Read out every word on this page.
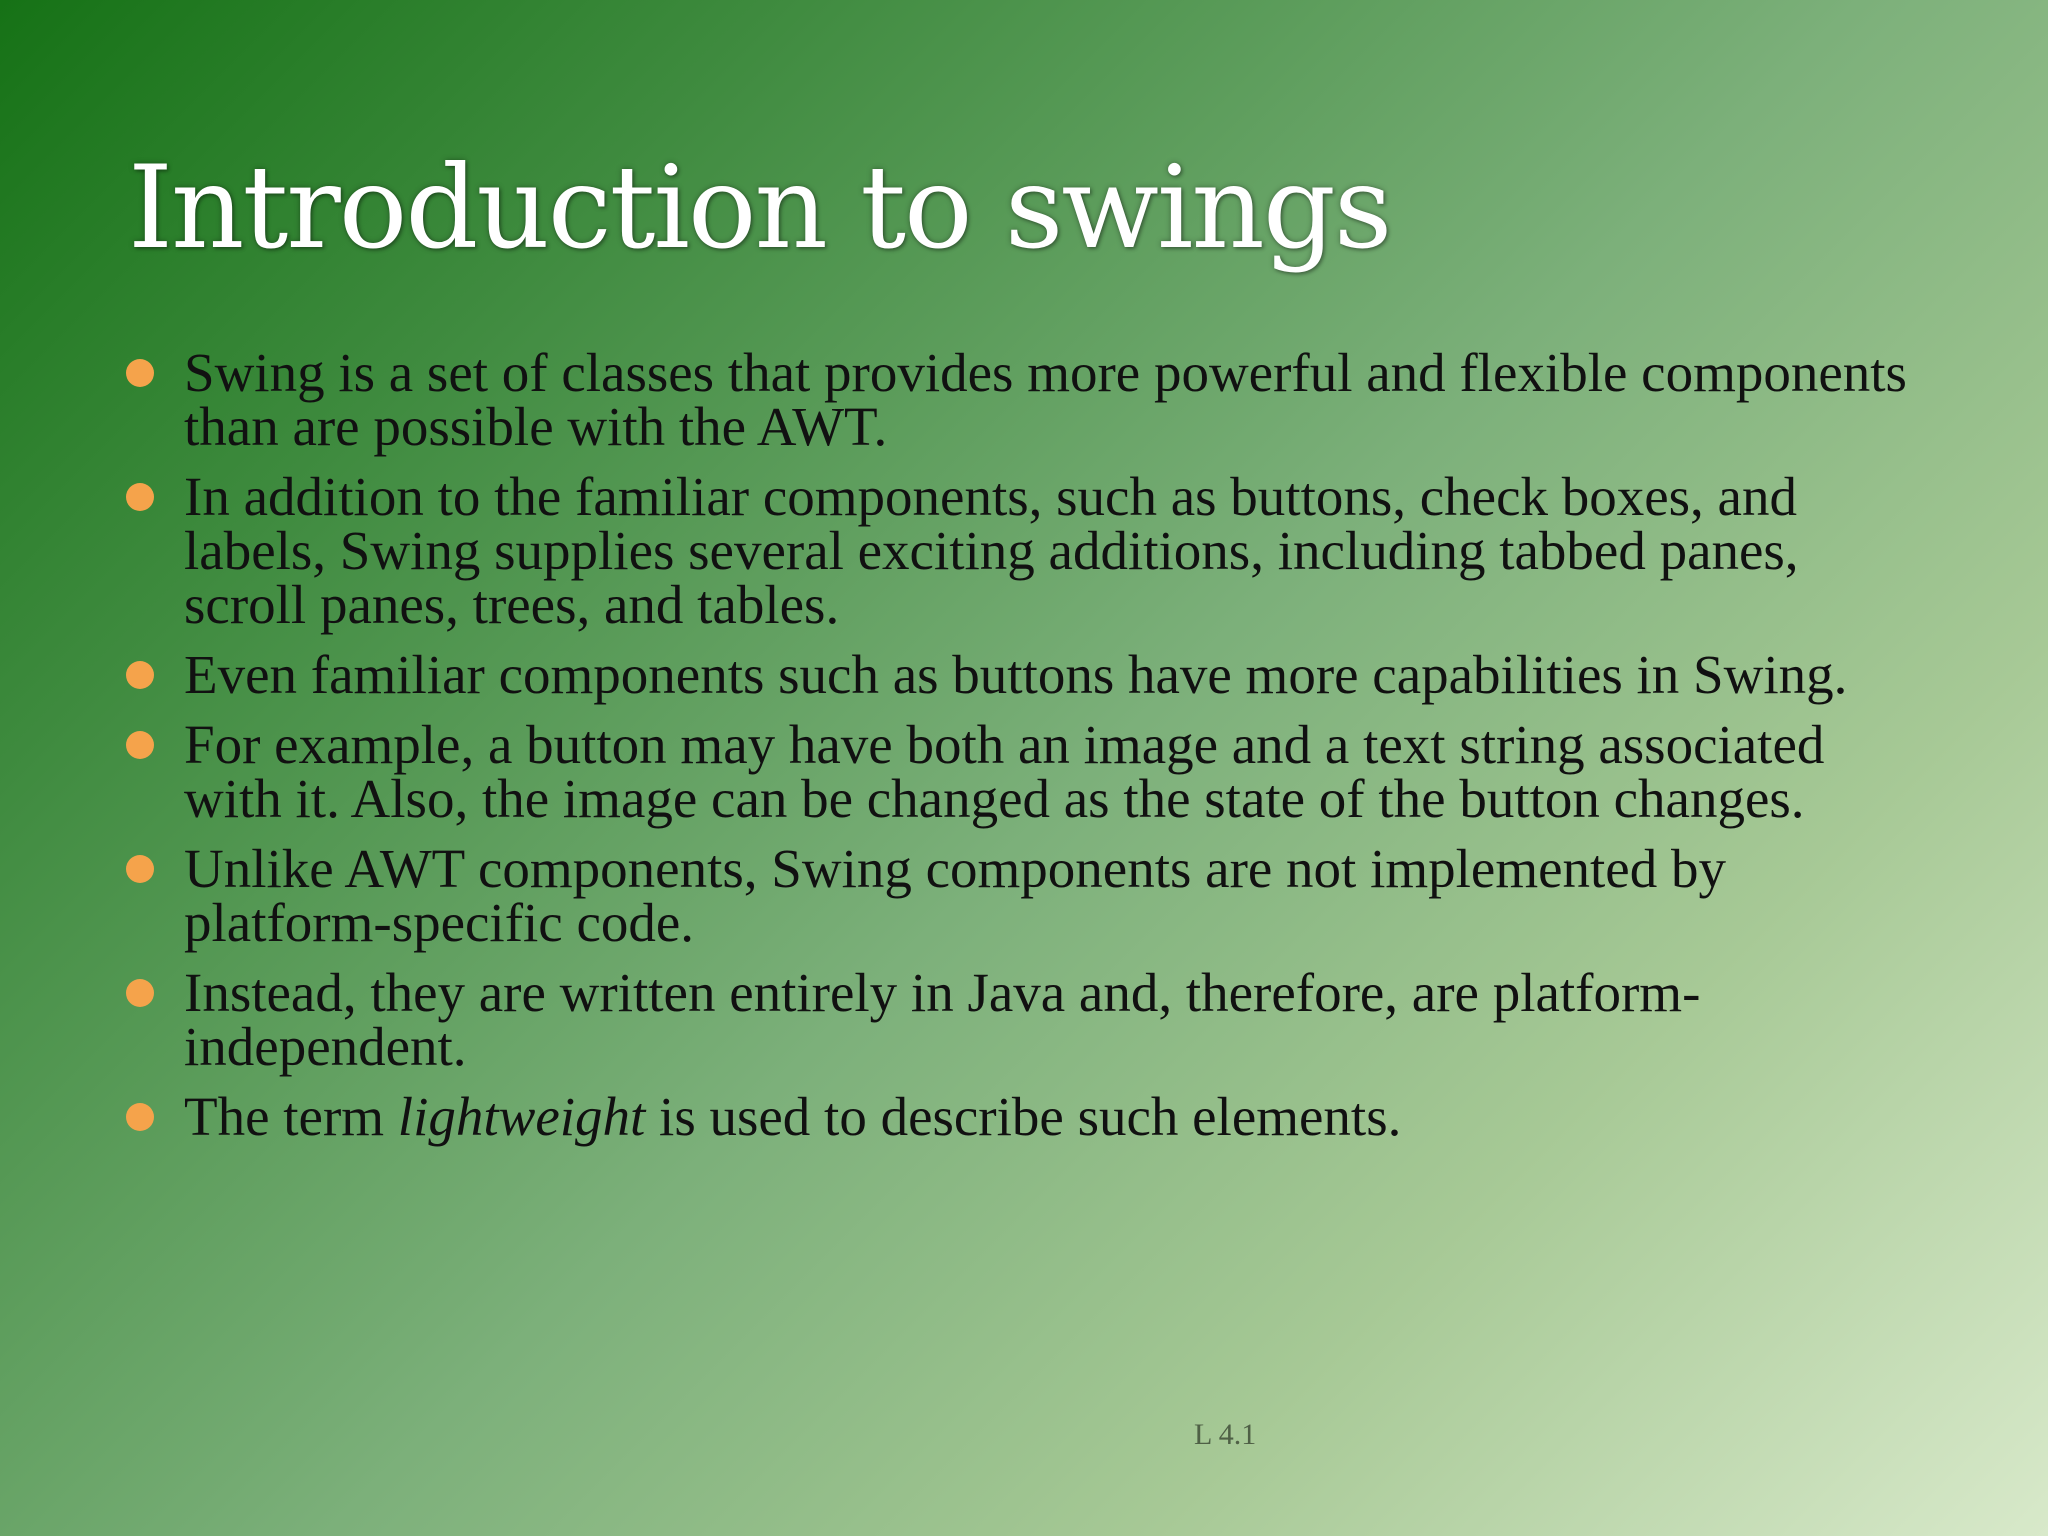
Introduction to swings
Swing is a set of classes that provides more powerful and flexible components than are possible with the AWT.
In addition to the familiar components, such as buttons, check boxes, and labels, Swing supplies several exciting additions, including tabbed panes, scroll panes, trees, and tables.
Even familiar components such as buttons have more capabilities in Swing.
For example, a button may have both an image and a text string associated with it. Also, the image can be changed as the state of the button changes.
Unlike AWT components, Swing components are not implemented by platform-specific code.
Instead, they are written entirely in Java and, therefore, are platform-independent.
The term lightweight is used to describe such elements.
L 4.1
